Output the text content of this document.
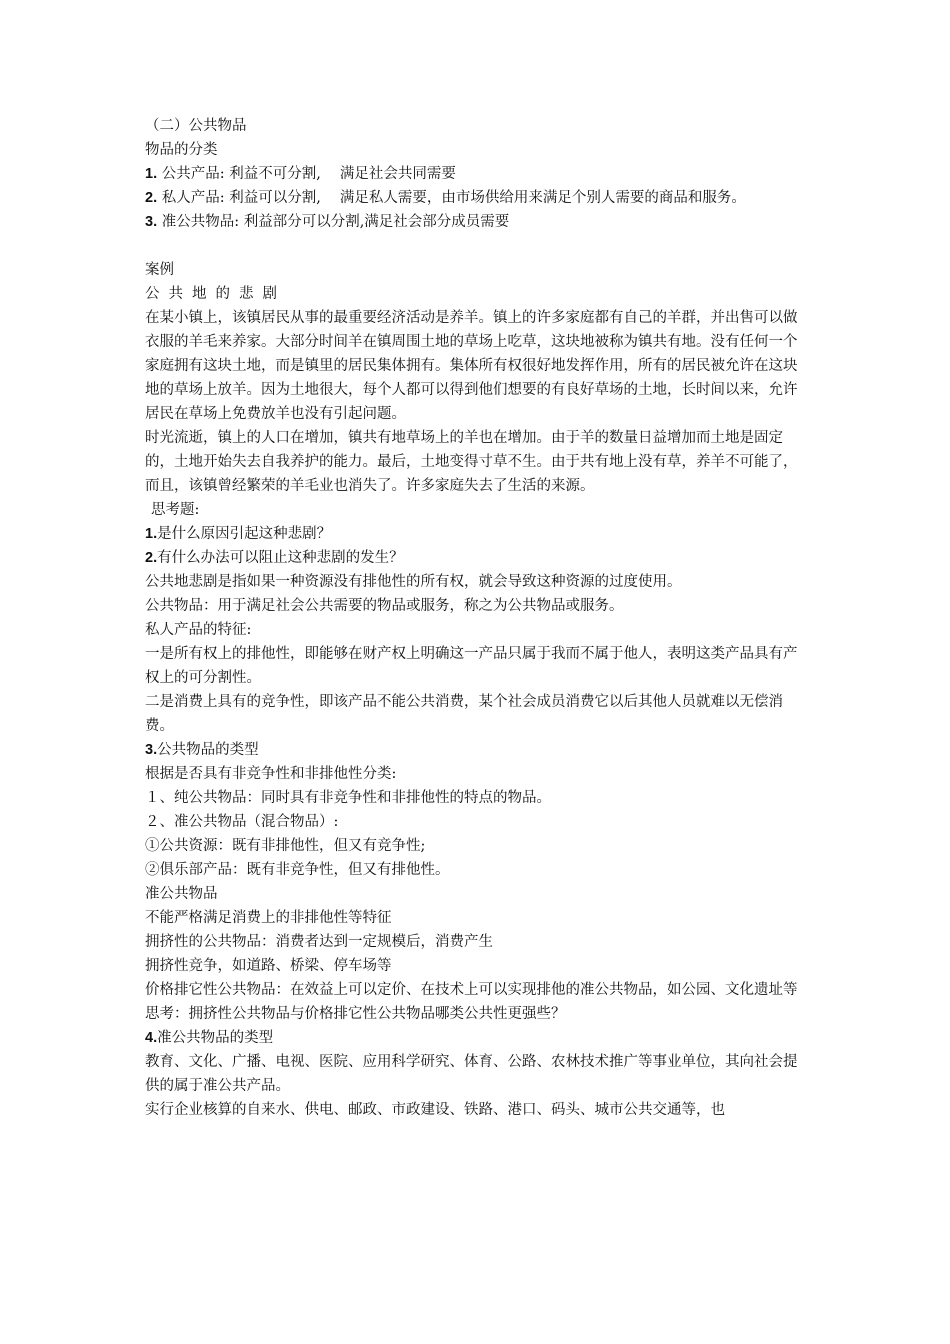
（二）公共物品
物品的分类
1. 公共产品: 利益不可分割, 　满足社会共同需要
2. 私人产品: 利益可以分割, 　满足私人需要，由市场供给用来满足个别人需要的商品和服务。
3. 准公共物品: 利益部分可以分割,满足社会部分成员需要
案例
公共地的悲剧
在某小镇上，该镇居民从事的最重要经济活动是养羊。镇上的许多家庭都有自己的羊群，并出售可以做衣服的羊毛来养家。大部分时间羊在镇周围土地的草场上吃草，这块地被称为镇共有地。没有任何一个家庭拥有这块土地，而是镇里的居民集体拥有。集体所有权很好地发挥作用，所有的居民被允许在这块地的草场上放羊。因为土地很大，每个人都可以得到他们想要的有良好草场的土地，长时间以来，允许居民在草场上免费放羊也没有引起问题。
时光流逝，镇上的人口在增加，镇共有地草场上的羊也在增加。由于羊的数量日益增加而土地是固定的，土地开始失去自我养护的能力。最后，土地变得寸草不生。由于共有地上没有草，养羊不可能了，而且，该镇曾经繁荣的羊毛业也消失了。许多家庭失去了生活的来源。
思考题:
1.是什么原因引起这种悲剧？
2.有什么办法可以阻止这种悲剧的发生？
公共地悲剧是指如果一种资源没有排他性的所有权，就会导致这种资源的过度使用。
公共物品：用于满足社会公共需要的物品或服务，称之为公共物品或服务。
私人产品的特征:
一是所有权上的排他性，即能够在财产权上明确这一产品只属于我而不属于他人，表明这类产品具有产权上的可分割性。
二是消费上具有的竞争性，即该产品不能公共消费，某个社会成员消费它以后其他人员就难以无偿消费。
3.公共物品的类型
根据是否具有非竞争性和非排他性分类:
１、纯公共物品：同时具有非竞争性和非排他性的特点的物品。
２、准公共物品（混合物品）:
①公共资源：既有非排他性，但又有竞争性;
②俱乐部产品：既有非竞争性，但又有排他性。
准公共物品
不能严格满足消费上的非排他性等特征
拥挤性的公共物品：消费者达到一定规模后，消费产生
拥挤性竞争，如道路、桥梁、停车场等
价格排它性公共物品：在效益上可以定价、在技术上可以实现排他的准公共物品，如公园、文化遗址等
思考：拥挤性公共物品与价格排它性公共物品哪类公共性更强些？
4.准公共物品的类型
教育、文化、广播、电视、医院、应用科学研究、体育、公路、农林技术推广等事业单位，其向社会提供的属于准公共产品。
实行企业核算的自来水、供电、邮政、市政建设、铁路、港口、码头、城市公共交通等，也
